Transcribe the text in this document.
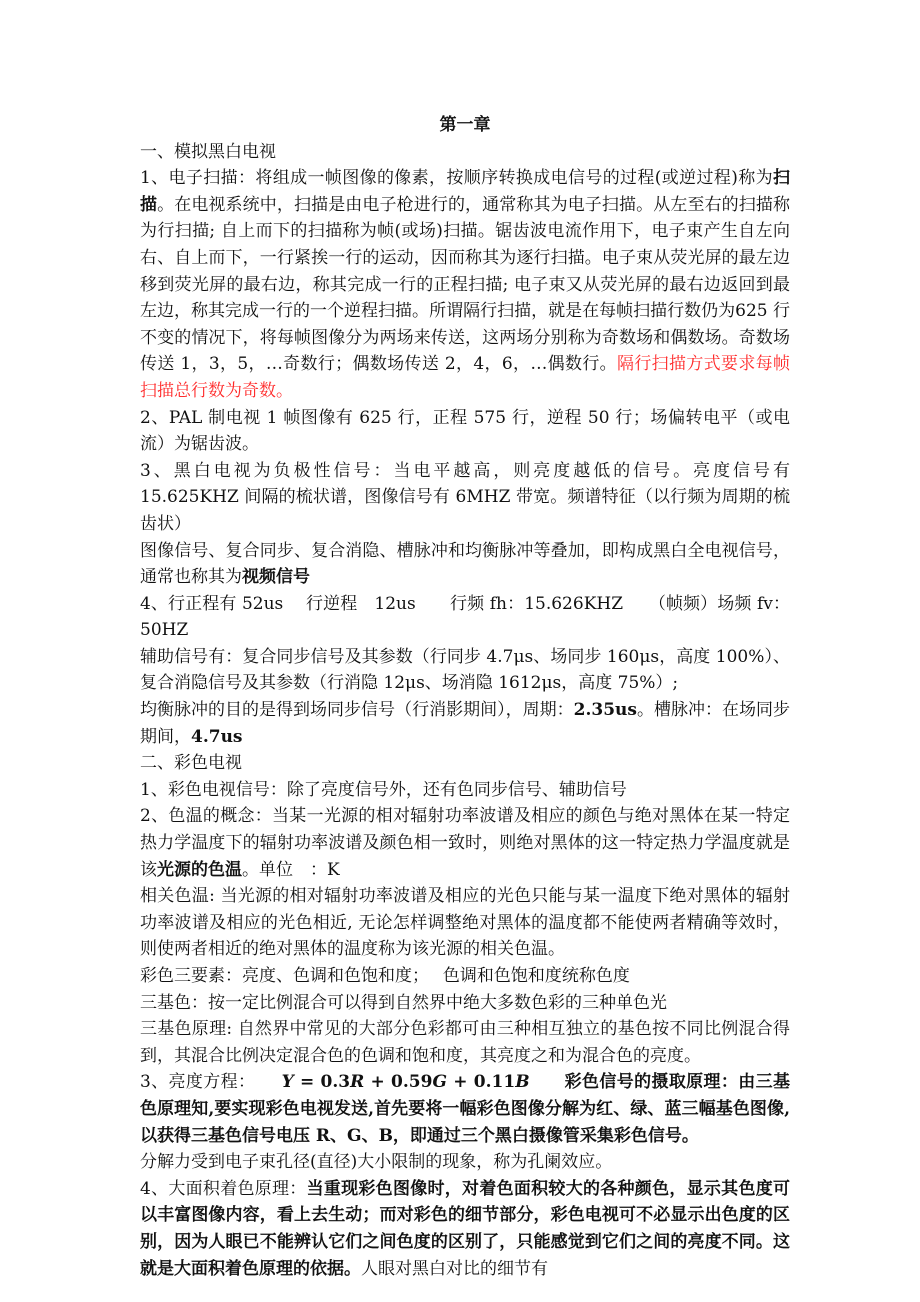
第一章

一、模拟黑白电视

1、电子扫描：将组成一帧图像的像素，按顺序转换成电信号的过程(或逆过程)称为扫描。在电视系统中，扫描是由电子枪进行的，通常称其为电子扫描。从左至右的扫描称为行扫描; 自上而下的扫描称为帧(或场)扫描。锯齿波电流作用下，电子束产生自左向右、自上而下，一行紧挨一行的运动，因而称其为逐行扫描。电子束从荧光屏的最左边移到荧光屏的最右边，称其完成一行的正程扫描; 电子束又从荧光屏的最右边返回到最左边，称其完成一行的一个逆程扫描。所谓隔行扫描，就是在每帧扫描行数仍为625 行不变的情况下，将每帧图像分为两场来传送，这两场分别称为奇数场和偶数场。奇数场传送 1，3，5，…奇数行；偶数场传送 2，4，6，…偶数行。隔行扫描方式要求每帧扫描总行数为奇数。

2、PAL 制电视 1 帧图像有 625 行，正程 575 行，逆程 50 行；场偏转电平（或电流）为锯齿波。

3、黑白电视为负极性信号：当电平越高，则亮度越低的信号。亮度信号有15.625KHZ 间隔的梳状谱，图像信号有 6MHZ 带宽。频谱特征（以行频为周期的梳齿状）

图像信号、复合同步、复合消隐、槽脉冲和均衡脉冲等叠加，即构成黑白全电视信号，通常也称其为视频信号

4、行正程有 52us　 行逆程　12us　　行频 fh：15.626KHZ　　（帧频）场频 fv：50HZ

辅助信号有：复合同步信号及其参数（行同步 4.7μs、场同步 160μs，高度 100%）、复合消隐信号及其参数（行消隐 12μs、场消隐 1612μs，高度 75%）;

均衡脉冲的目的是得到场同步信号（行消影期间），周期：2.35us。槽脉冲：在场同步期间，4.7us

二、彩色电视

1、彩色电视信号：除了亮度信号外，还有色同步信号、辅助信号

2、色温的概念：当某一光源的相对辐射功率波谱及相应的颜色与绝对黑体在某一特定热力学温度下的辐射功率波谱及颜色相一致时，则绝对黑体的这一特定热力学温度就是该光源的色温。单位　：K

相关色温: 当光源的相对辐射功率波谱及相应的光色只能与某一温度下绝对黑体的辐射功率波谱及相应的光色相近, 无论怎样调整绝对黑体的温度都不能使两者精确等效时，则使两者相近的绝对黑体的温度称为该光源的相关色温。

彩色三要素：亮度、色调和色饱和度；　 色调和色饱和度统称色度

三基色：按一定比例混合可以得到自然界中绝大多数色彩的三种单色光

三基色原理: 自然界中常见的大部分色彩都可由三种相互独立的基色按不同比例混合得到，其混合比例决定混合色的色调和饱和度，其亮度之和为混合色的亮度。

3、亮度方程：　　Y = 0.3R + 0.59G + 0.11B　　彩色信号的摄取原理：由三基色原理知,要实现彩色电视发送,首先要将一幅彩色图像分解为红、绿、蓝三幅基色图像,以获得三基色信号电压 R、G、B，即通过三个黑白摄像管采集彩色信号。

分解力受到电子束孔径(直径)大小限制的现象，称为孔阑效应。

4、大面积着色原理：当重现彩色图像时，对着色面积较大的各种颜色，显示其色度可以丰富图像内容，看上去生动；而对彩色的细节部分，彩色电视可不必显示出色度的区别，因为人眼已不能辨认它们之间色度的区别了，只能感觉到它们之间的亮度不同。这就是大面积着色原理的依据。人眼对黑白对比的细节有
